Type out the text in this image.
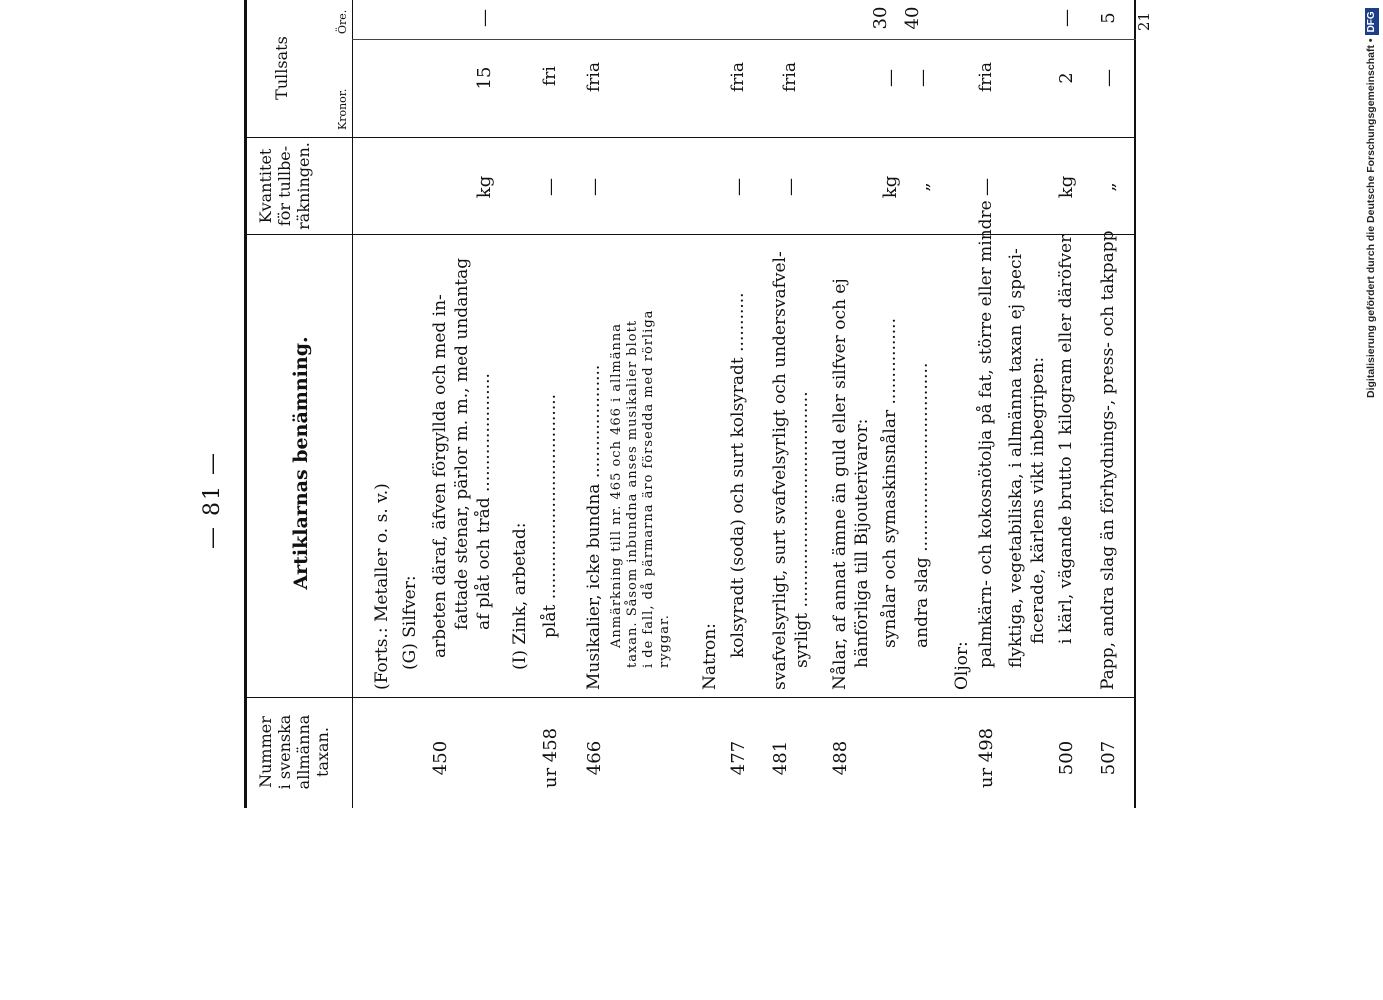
— 81 —
Nummer i svenska allmänna taxan.
Artiklarnas benämning.
Kvantitet för tullbe- räkningen.
Tullsats
Kronor.
Öre.
(Forts.: Metaller o. s. v.) (G) Silfver:
450
arbeten däraf, äfven förgyllda och med in- fattade stenar, pärlor m. m., med undantag af plåt och tråd ......................
kg
15
—
(I) Zink, arbetad:
ur 458
plåt ......................................
—
fri
466
Musikalier, icke bundna .....................
—
fria
Anmärkning till nr. 465 och 466 i allmänna taxan. Såsom inbundna anses musikalier blott i de fall, då pärmarna äro försedda med rörliga ryggar. Natron:
477
kolsyradt (soda) och surt kolsyradt ...........
—
fria
481
svafvelsyrligt, surt svafvelsyrligt och undersvafvel- syrligt ........................................
—
fria
488
Nålar, af annat ämne än guld eller silfver och ej hänförliga till Bijouterivaror: synålar och symaskinsnålar ................
kg
—
30
andra slag ...................................
„
—
40
Oljor:
ur 498
palmkärn- och kokosnötolja på fat, större eller mindre
—
fria
flyktiga, vegetabiliska, i allmänna taxan ej speci- ficerade, kärlens vikt inbegripen:
500
i kärl, vägande brutto 1 kilogram eller däröfver
kg
2
—
507
Papp, andra slag än förhydnings-, press- och takpapp
„
—
5 21
Digitalisierung gefördert durch die Deutsche Forschungsgemeinschaft •DFG
